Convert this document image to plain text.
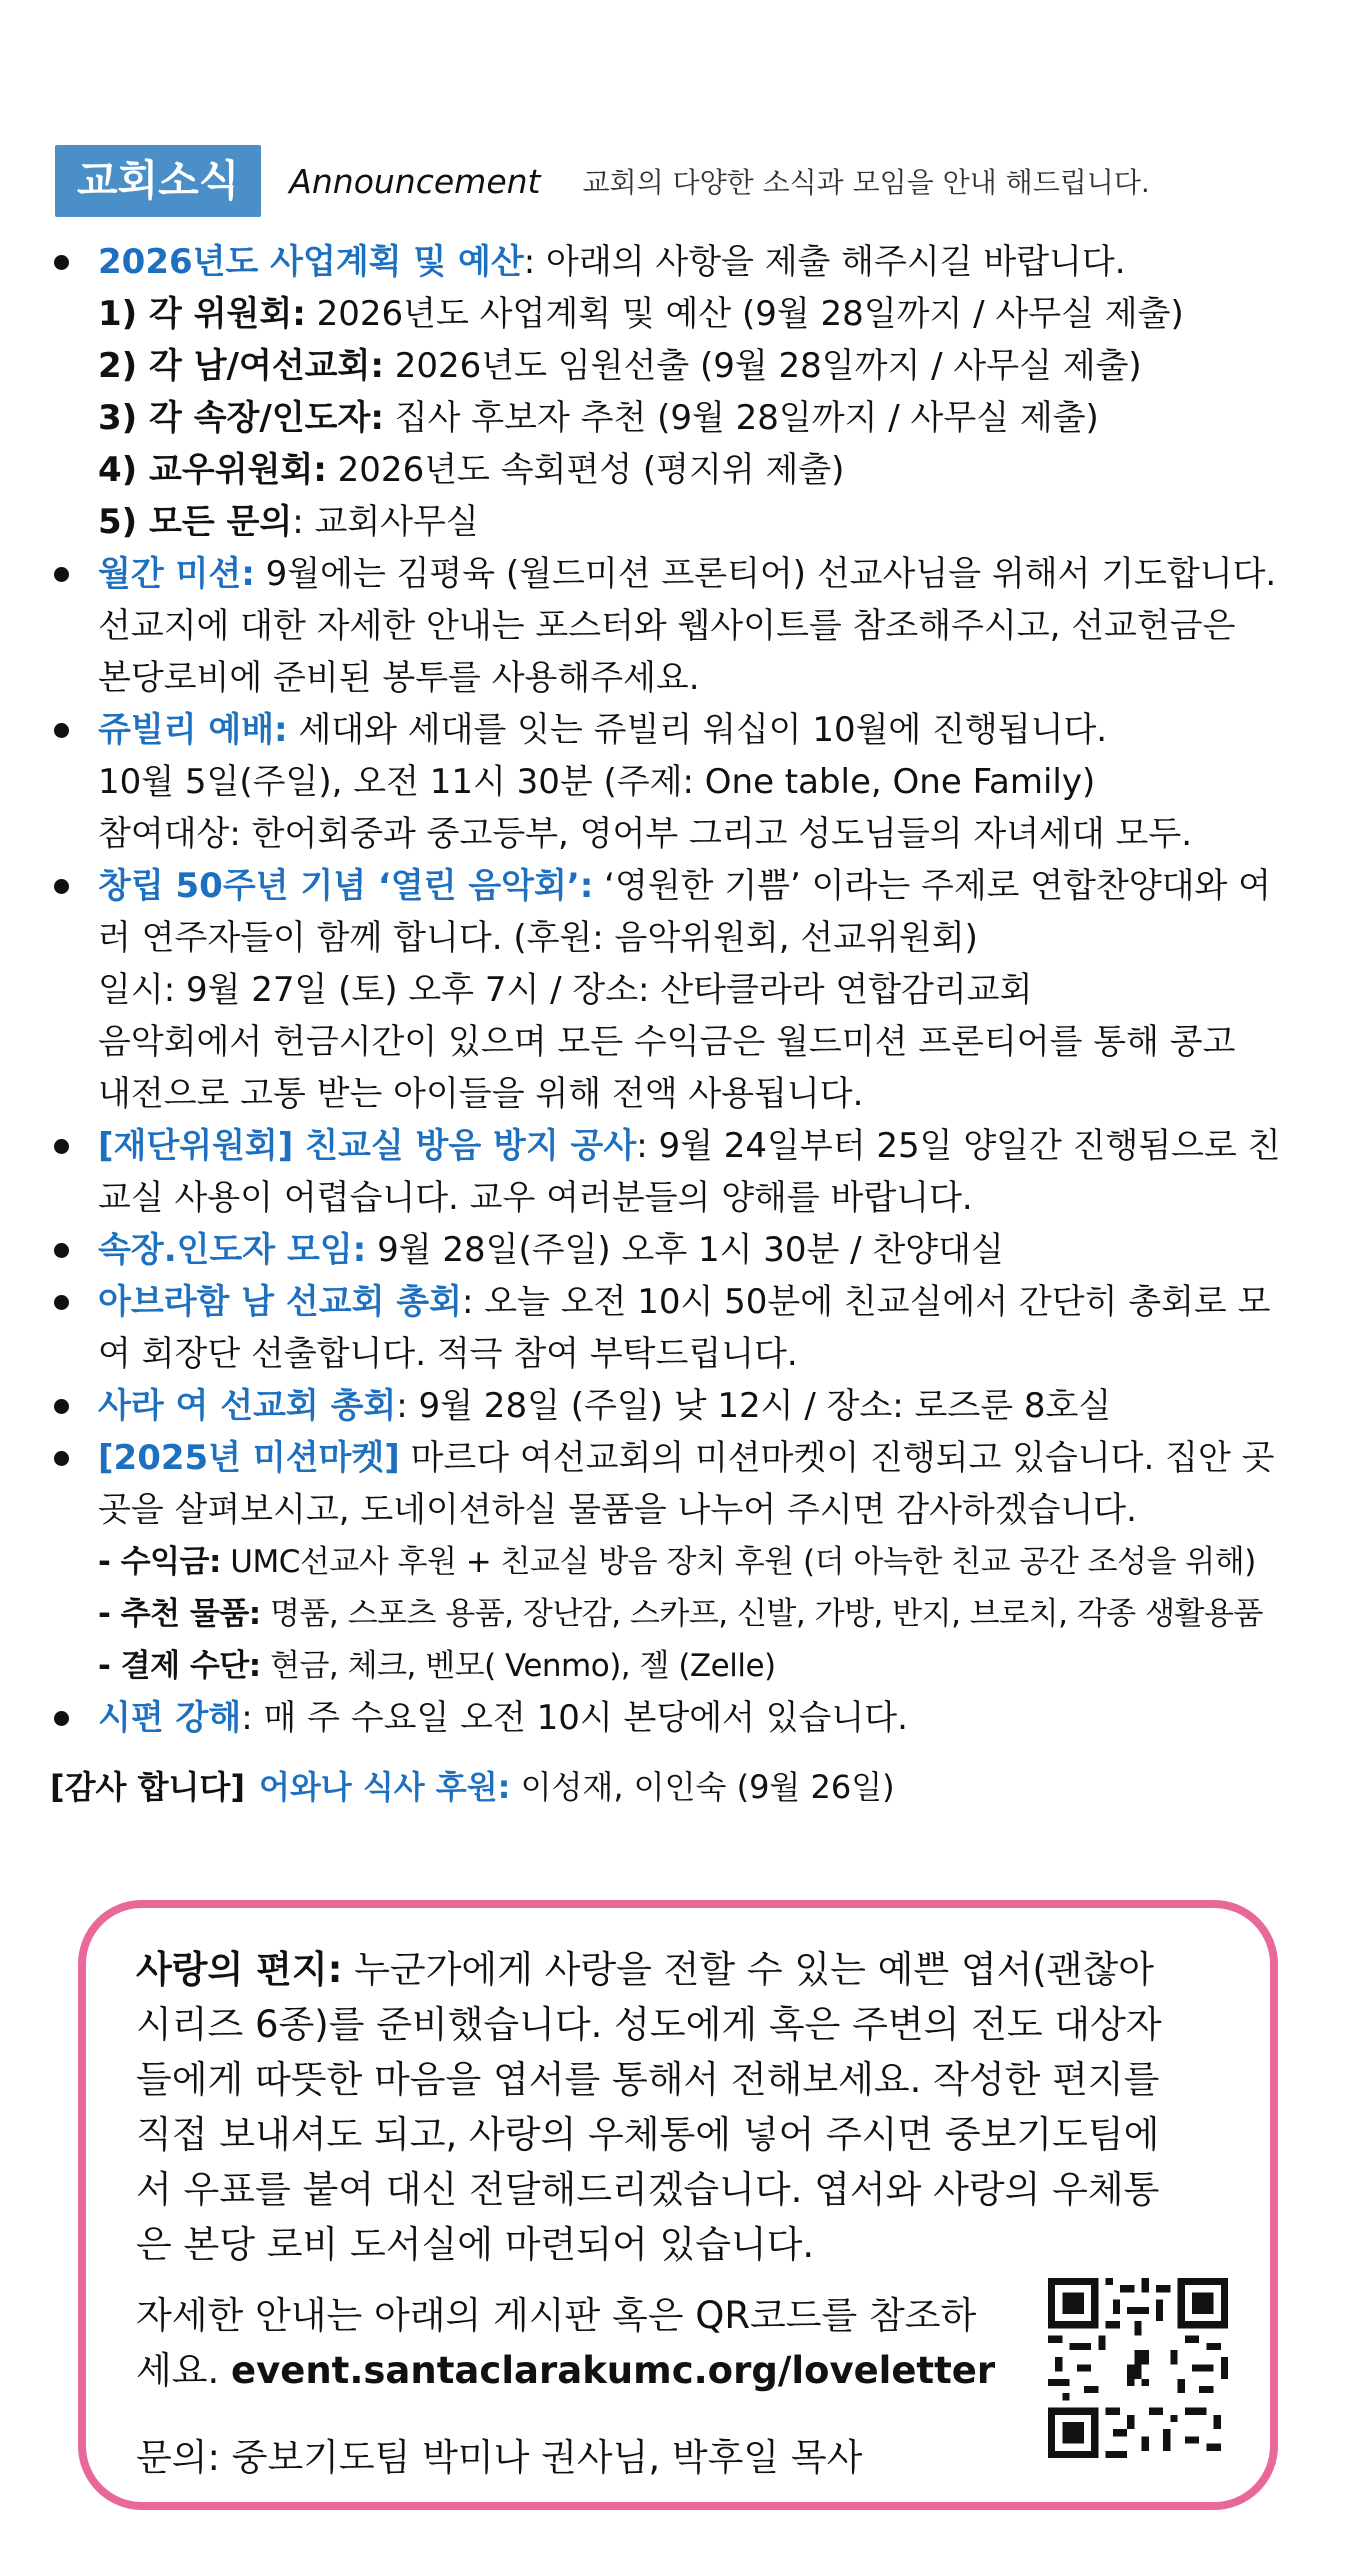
교회소식	Announcement 교회의 다양한 소식과 모임을 안내 해드립니다.
2026년도 사업계획 및 예산: 아래의 사항을 제출 해주시길 바랍니다.
1) 각 위원회: 2026년도 사업계획 및 예산 (9월 28일까지 / 사무실 제출)
2) 각 남/여선교회: 2026년도 임원선출 (9월 28일까지 / 사무실 제출)
3) 각 속장/인도자: 집사 후보자 추천 (9월 28일까지 / 사무실 제출)
4) 교우위원회: 2026년도 속회편성 (평지위 제출)
5) 모든 문의: 교회사무실
월간 미션: 9월에는 김평육 (월드미션 프론티어) 선교사님을 위해서 기도합니다.
선교지에 대한 자세한 안내는 포스터와 웹사이트를 참조해주시고, 선교헌금은
본당로비에 준비된 봉투를 사용해주세요.
쥬빌리 예배: 세대와 세대를 잇는 쥬빌리 워십이 10월에 진행됩니다.
10월 5일(주일), 오전 11시 30분 (주제: One table, One Family)
참여대상: 한어회중과 중고등부, 영어부 그리고 성도님들의 자녀세대 모두.
창립 50주년 기념 ‘열린 음악회’: ‘영원한 기쁨’ 이라는 주제로 연합찬양대와 여
러 연주자들이 함께 합니다. (후원: 음악위원회, 선교위원회)
일시: 9월 27일 (토) 오후 7시 / 장소: 산타클라라 연합감리교회
음악회에서 헌금시간이 있으며 모든 수익금은 월드미션 프론티어를 통해 콩고
내전으로 고통 받는 아이들을 위해 전액 사용됩니다.
[재단위원회] 친교실 방음 방지 공사: 9월 24일부터 25일 양일간 진행됨으로 친
교실 사용이 어렵습니다. 교우 여러분들의 양해를 바랍니다.
속장.인도자 모임: 9월 28일(주일) 오후 1시 30분 / 찬양대실
아브라함 남 선교회 총회: 오늘 오전 10시 50분에 친교실에서 간단히 총회로 모
여 회장단 선출합니다. 적극 참여 부탁드립니다.
사라 여 선교회 총회: 9월 28일 (주일) 낮 12시 / 장소: 로즈룬 8호실
[2025년 미션마켓] 마르다 여선교회의 미션마켓이 진행되고 있습니다. 집안 곳
곳을 살펴보시고, 도네이션하실 물품을 나누어 주시면 감사하겠습니다.
- 수익금: UMC선교사 후원 + 친교실 방음 장치 후원 (더 아늑한 친교 공간 조성을 위해)
- 추천 물품: 명품, 스포츠 용품, 장난감, 스카프, 신발, 가방, 반지, 브로치, 각종 생활용품
- 결제 수단: 현금, 체크, 벤모( Venmo), 젤 (Zelle)
시편 강해: 매 주 수요일 오전 10시 본당에서 있습니다.
[감사 합니다] 어와나 식사 후원: 이성재, 이인숙 (9월 26일)
사랑의 편지: 누군가에게 사랑을 전할 수 있는 예쁜 엽서(괜찮아
시리즈 6종)를 준비했습니다. 성도에게 혹은 주변의 전도 대상자
들에게 따뜻한 마음을 엽서를 통해서 전해보세요. 작성한 편지를
직접 보내셔도 되고, 사랑의 우체통에 넣어 주시면 중보기도팀에
서 우표를 붙여 대신 전달해드리겠습니다. 엽서와 사랑의 우체통
은 본당 로비 도서실에 마련되어 있습니다.
자세한 안내는 아래의 게시판 혹은 QR코드를 참조하
세요. event.santaclarakumc.org/loveletter
문의: 중보기도팀 박미나 권사님, 박후일 목사
